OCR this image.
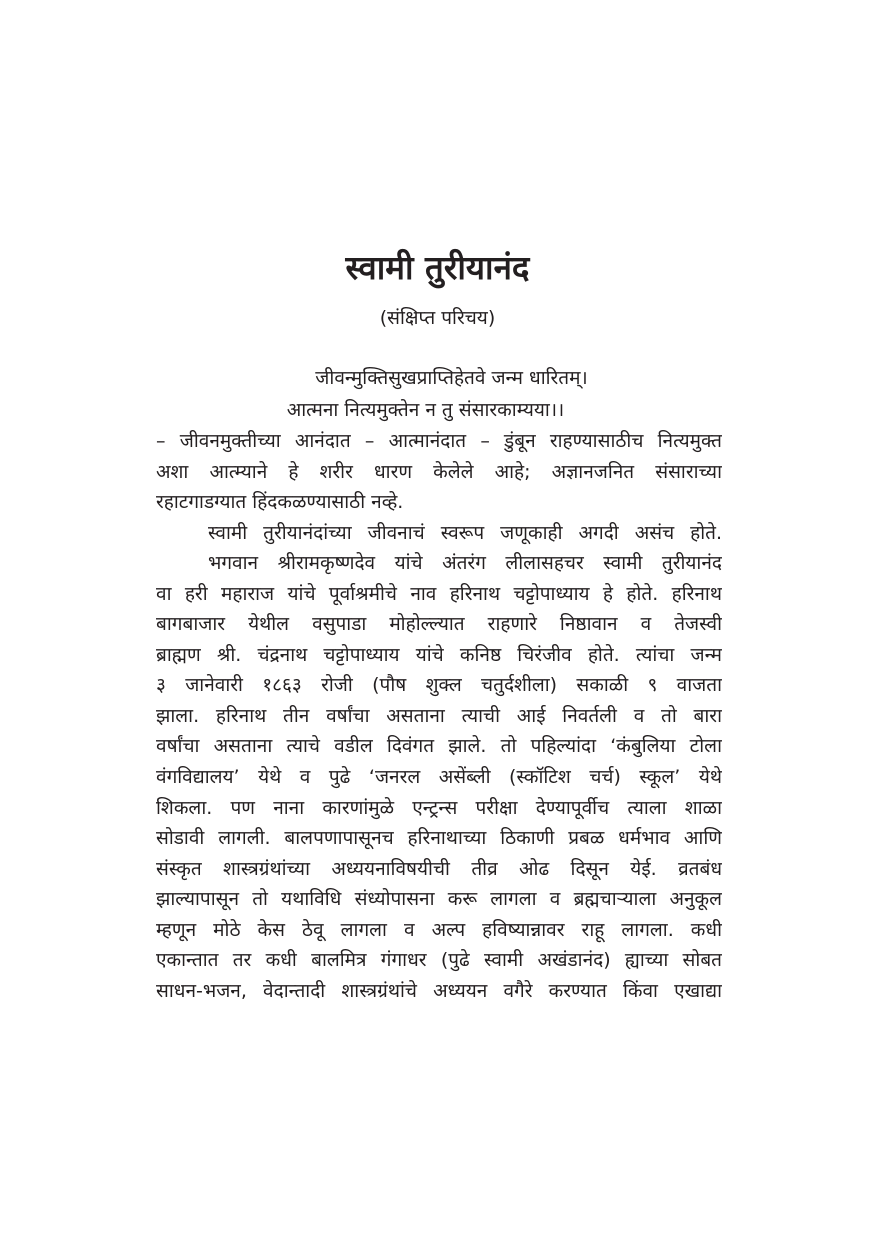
स्वामी तुरीयानंद
(संक्षिप्त परिचय)
जीवन्मुक्तिसुखप्राप्तिहेतवे जन्म धारितम्।
आत्मना नित्यमुक्तेन न तु संसारकाम्यया।।
– जीवनमुक्तीच्या आनंदात – आत्मानंदात – डुंबून राहण्यासाठीच नित्यमुक्त
अशा आत्म्याने हे शरीर धारण केलेले आहे; अज्ञानजनित संसाराच्या
रहाटगाडग्यात हिंदकळण्यासाठी नव्हे.
स्वामी तुरीयानंदांच्या जीवनाचं स्वरूप जणूकाही अगदी असंच होते.
भगवान श्रीरामकृष्णदेव यांचे अंतरंग लीलासहचर स्वामी तुरीयानंद
वा हरी महाराज यांचे पूर्वाश्रमीचे नाव हरिनाथ चट्टोपाध्याय हे होते. हरिनाथ
बागबाजार येथील वसुपाडा मोहोल्ल्यात राहणारे निष्ठावान व तेजस्वी
ब्राह्मण श्री. चंद्रनाथ चट्टोपाध्याय यांचे कनिष्ठ चिरंजीव होते. त्यांचा जन्म
३ जानेवारी १८६३ रोजी (पौष शुक्ल चतुर्दशीला) सकाळी ९ वाजता
झाला. हरिनाथ तीन वर्षांचा असताना त्याची आई निवर्तली व तो बारा
वर्षांचा असताना त्याचे वडील दिवंगत झाले. तो पहिल्यांदा ‘कंबुलिया टोला
वंगविद्यालय’ येथे व पुढे ‘जनरल असेंब्ली (स्कॉटिश चर्च) स्कूल’ येथे
शिकला. पण नाना कारणांमुळे एन्ट्रन्स परीक्षा देण्यापूर्वीच त्याला शाळा
सोडावी लागली. बालपणापासूनच हरिनाथाच्या ठिकाणी प्रबळ धर्मभाव आणि
संस्कृत शास्त्रग्रंथांच्या अध्ययनाविषयीची तीव्र ओढ दिसून येई. व्रतबंध
झाल्यापासून तो यथाविधि संध्योपासना करू लागला व ब्रह्मचार्‍याला अनुकूल
म्हणून मोठे केस ठेवू लागला व अल्प हविष्यान्नावर राहू लागला. कधी
एकान्तात तर कधी बालमित्र गंगाधर (पुढे स्वामी अखंडानंद) ह्याच्या सोबत
साधन-भजन, वेदान्तादी शास्त्रग्रंथांचे अध्ययन वगैरे करण्यात किंवा एखाद्या
